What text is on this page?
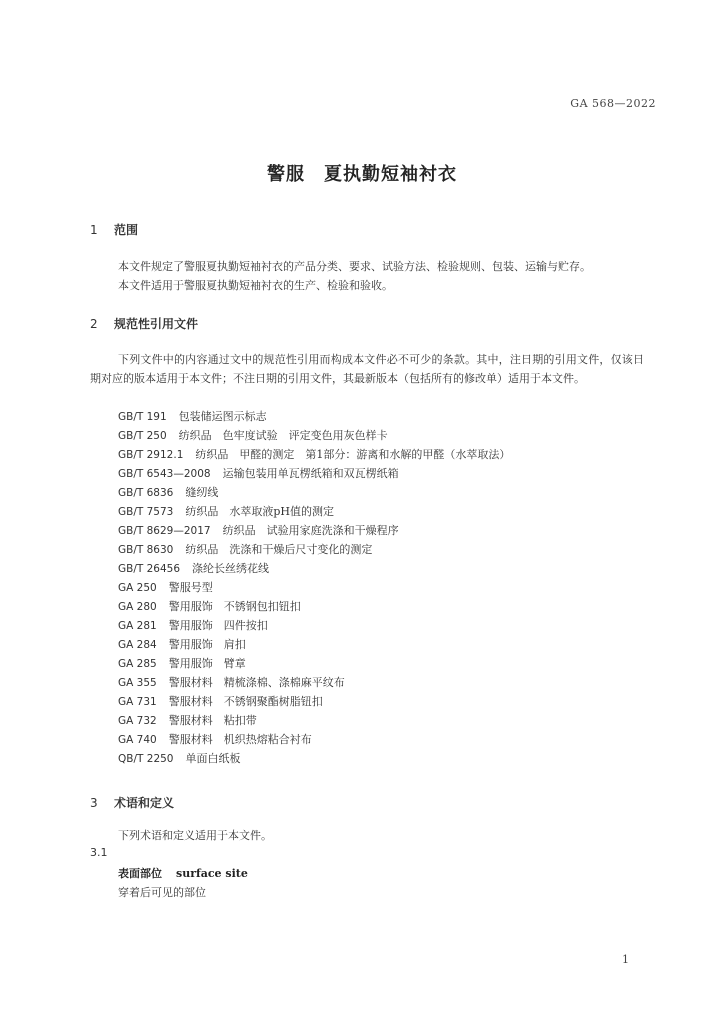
GA 568—2022
警服　夏执勤短袖衬衣
1 范围
本文件规定了警服夏执勤短袖衬衣的产品分类、要求、试验方法、检验规则、包装、运输与贮存。
本文件适用于警服夏执勤短袖衬衣的生产、检验和验收。
2 规范性引用文件
下列文件中的内容通过文中的规范性引用而构成本文件必不可少的条款。其中，注日期的引用文件，仅该日期对应的版本适用于本文件；不注日期的引用文件，其最新版本（包括所有的修改单）适用于本文件。
GB/T 191 包装储运图示标志
GB/T 250 纺织品　色牢度试验　评定变色用灰色样卡
GB/T 2912.1 纺织品　甲醛的测定　第1部分：游离和水解的甲醛（水萃取法）
GB/T 6543—2008 运输包装用单瓦楞纸箱和双瓦楞纸箱
GB/T 6836 缝纫线
GB/T 7573 纺织品　水萃取液pH值的测定
GB/T 8629—2017 纺织品　试验用家庭洗涤和干燥程序
GB/T 8630 纺织品　洗涤和干燥后尺寸变化的测定
GB/T 26456 涤纶长丝绣花线
GA 250 警服号型
GA 280 警用服饰　不锈钢包扣钮扣
GA 281 警用服饰　四件按扣
GA 284 警用服饰　肩扣
GA 285 警用服饰　臂章
GA 355 警服材料　精梳涤棉、涤棉麻平纹布
GA 731 警服材料　不锈钢聚酯树脂钮扣
GA 732 警服材料　粘扣带
GA 740 警服材料　机织热熔粘合衬布
QB/T 2250 单面白纸板
3 术语和定义
下列术语和定义适用于本文件。
3.1
表面部位 surface site
穿着后可见的部位
1
